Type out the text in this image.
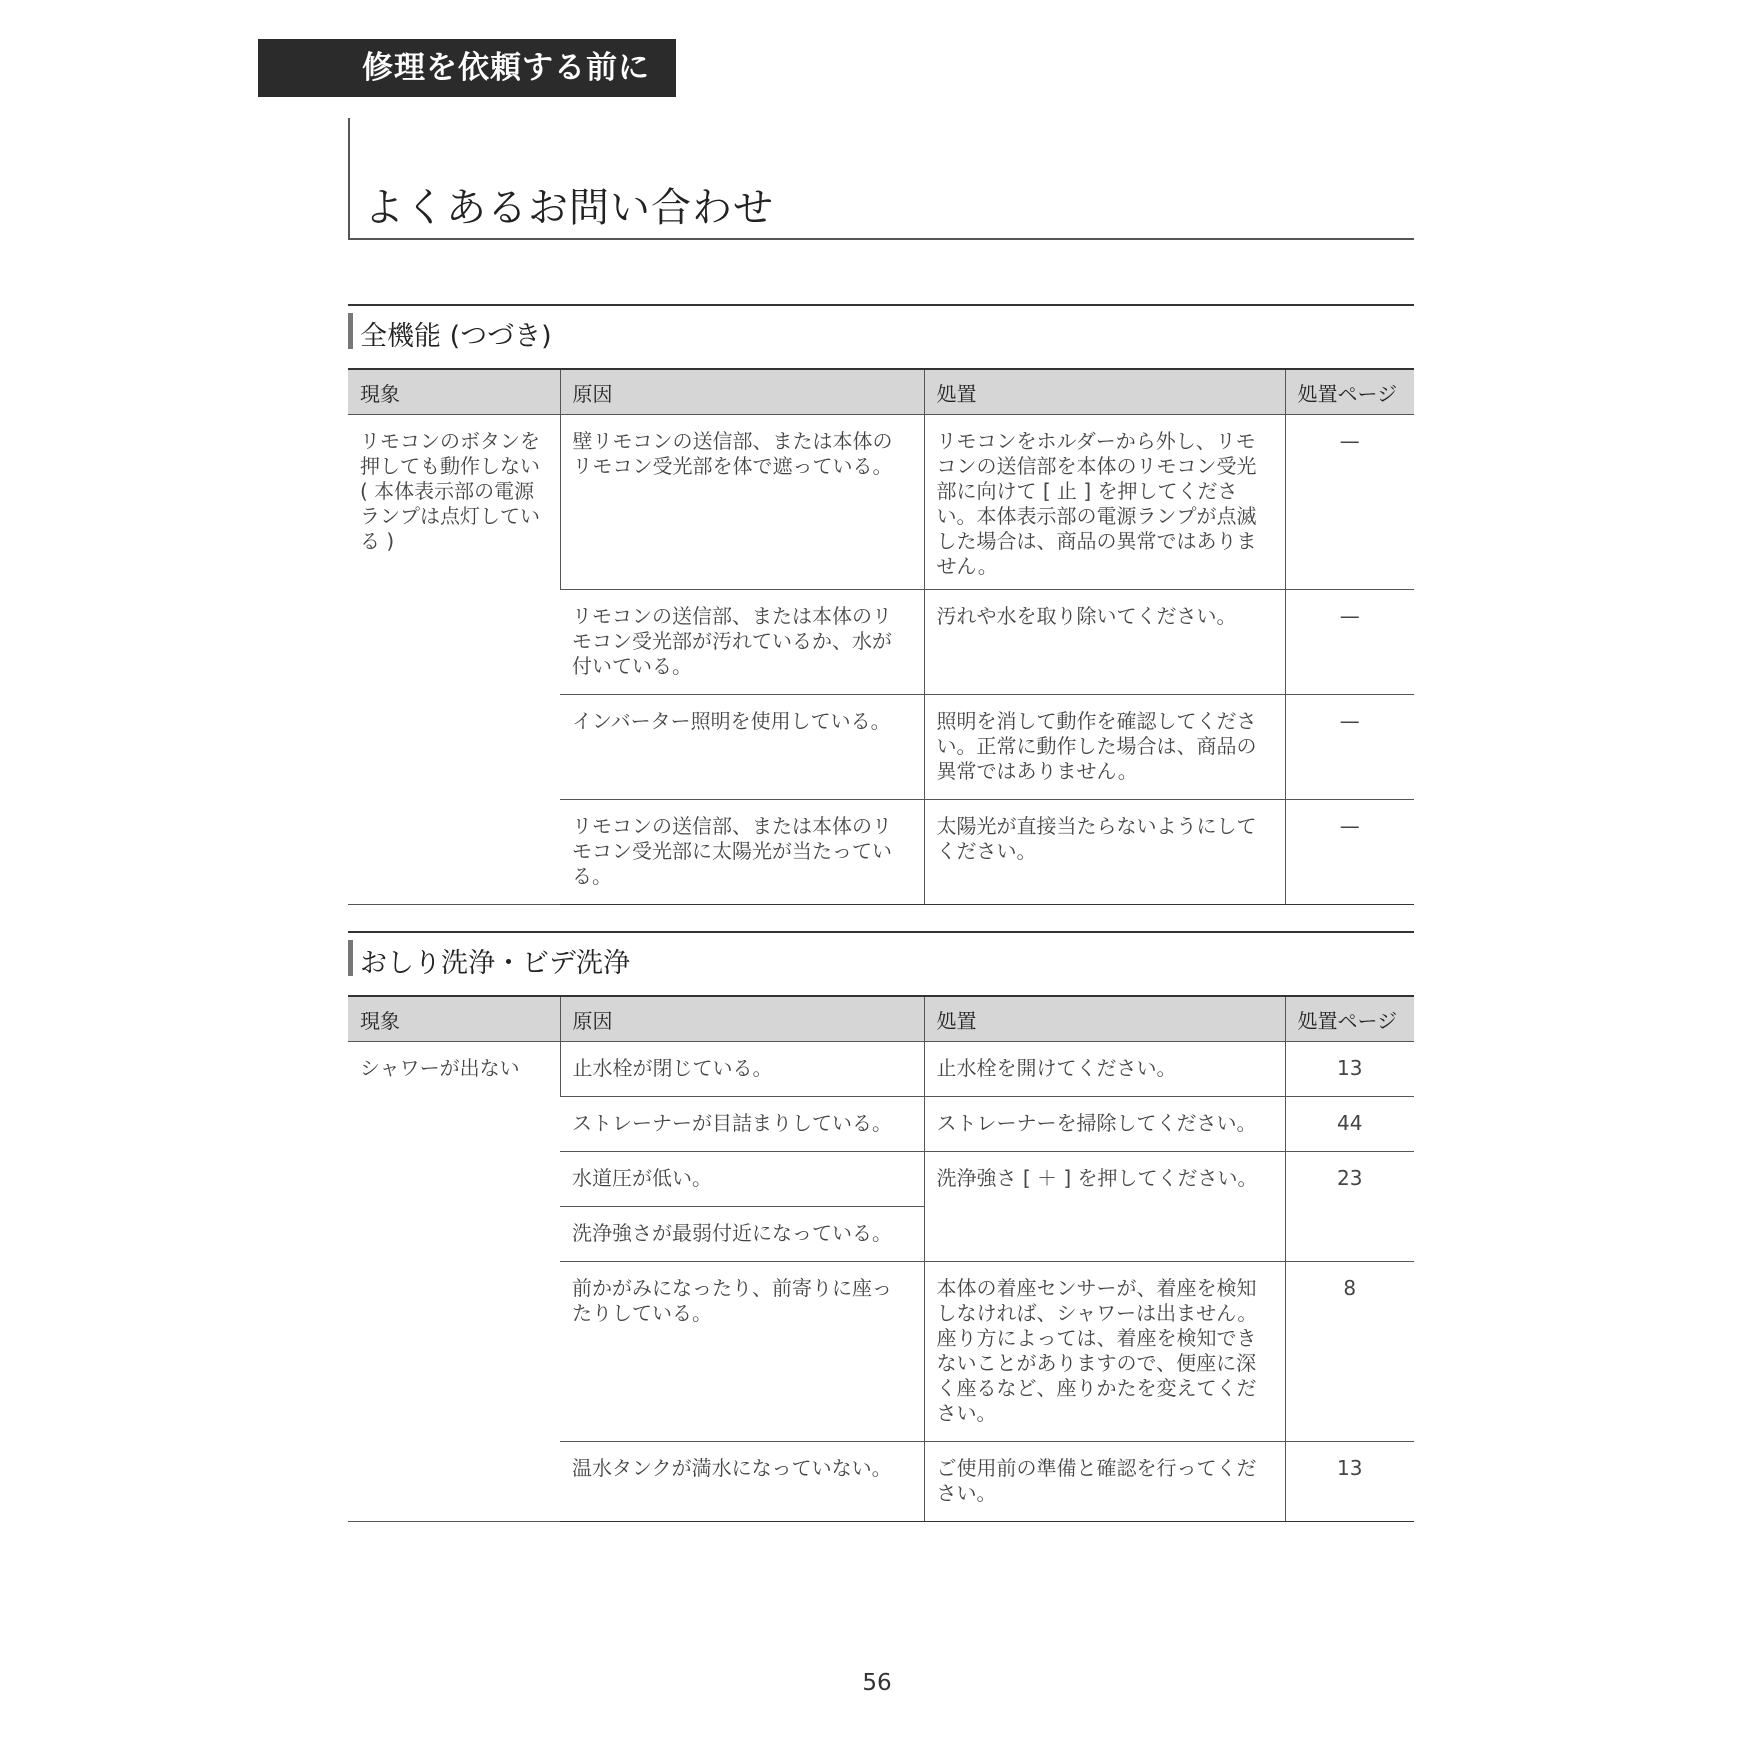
修理を依頼する前に
よくあるお問い合わせ
全機能 (つづき)
現象	原因	処置	処置ページ
リモコンのボタンを押しても動作しない( 本体表示部の電源ランプは点灯している )	壁リモコンの送信部、または本体のリモコン受光部を体で遮っている。	リモコンをホルダーから外し、リモコンの送信部を本体のリモコン受光部に向けて [ 止 ] を押してください。本体表示部の電源ランプが点滅した場合は、商品の異常ではありません。	—
	リモコンの送信部、または本体のリモコン受光部が汚れているか、水が付いている。	汚れや水を取り除いてください。	—
	インバーター照明を使用している。	照明を消して動作を確認してください。正常に動作した場合は、商品の異常ではありません。	—
	リモコンの送信部、または本体のリモコン受光部に太陽光が当たっている。	太陽光が直接当たらないようにしてください。	—
おしり洗浄・ビデ洗浄
現象	原因	処置	処置ページ
シャワーが出ない	止水栓が閉じている。	止水栓を開けてください。	13
	ストレーナーが目詰まりしている。	ストレーナーを掃除してください。	44
	水道圧が低い。	洗浄強さ [ ＋ ] を押してください。	23
	洗浄強さが最弱付近になっている。		
	前かがみになったり、前寄りに座ったりしている。	本体の着座センサーが、着座を検知しなければ、シャワーは出ません。座り方によっては、着座を検知できないことがありますので、便座に深く座るなど、座りかたを変えてください。	8
	温水タンクが満水になっていない。	ご使用前の準備と確認を行ってください。	13
56
